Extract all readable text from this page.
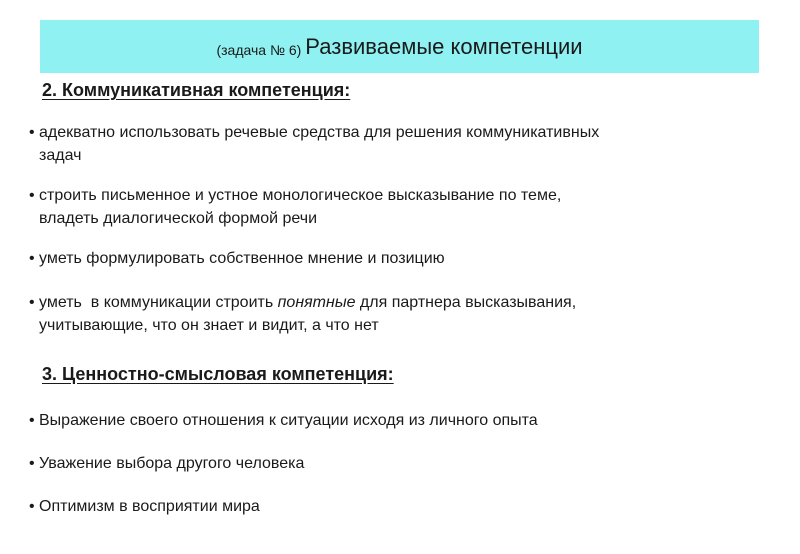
(задача № 6) Развиваемые компетенции
2. Коммуникативная компетенция:
• адекватно использовать речевые средства для решения коммуникативных

задач

• строить письменное и устное монологическое высказывание по теме,

владеть диалогической формой речи

• уметь формулировать собственное мнение и позицию

• уметь  в коммуникации строить понятные для партнера высказывания,

учитывающие, что он знает и видит, а что нет

3. Ценностно-смысловая компетенция:
• Выражение своего отношения к ситуации исходя из личного опыта

• Уважение выбора другого человека

• Оптимизм в восприятии мира
